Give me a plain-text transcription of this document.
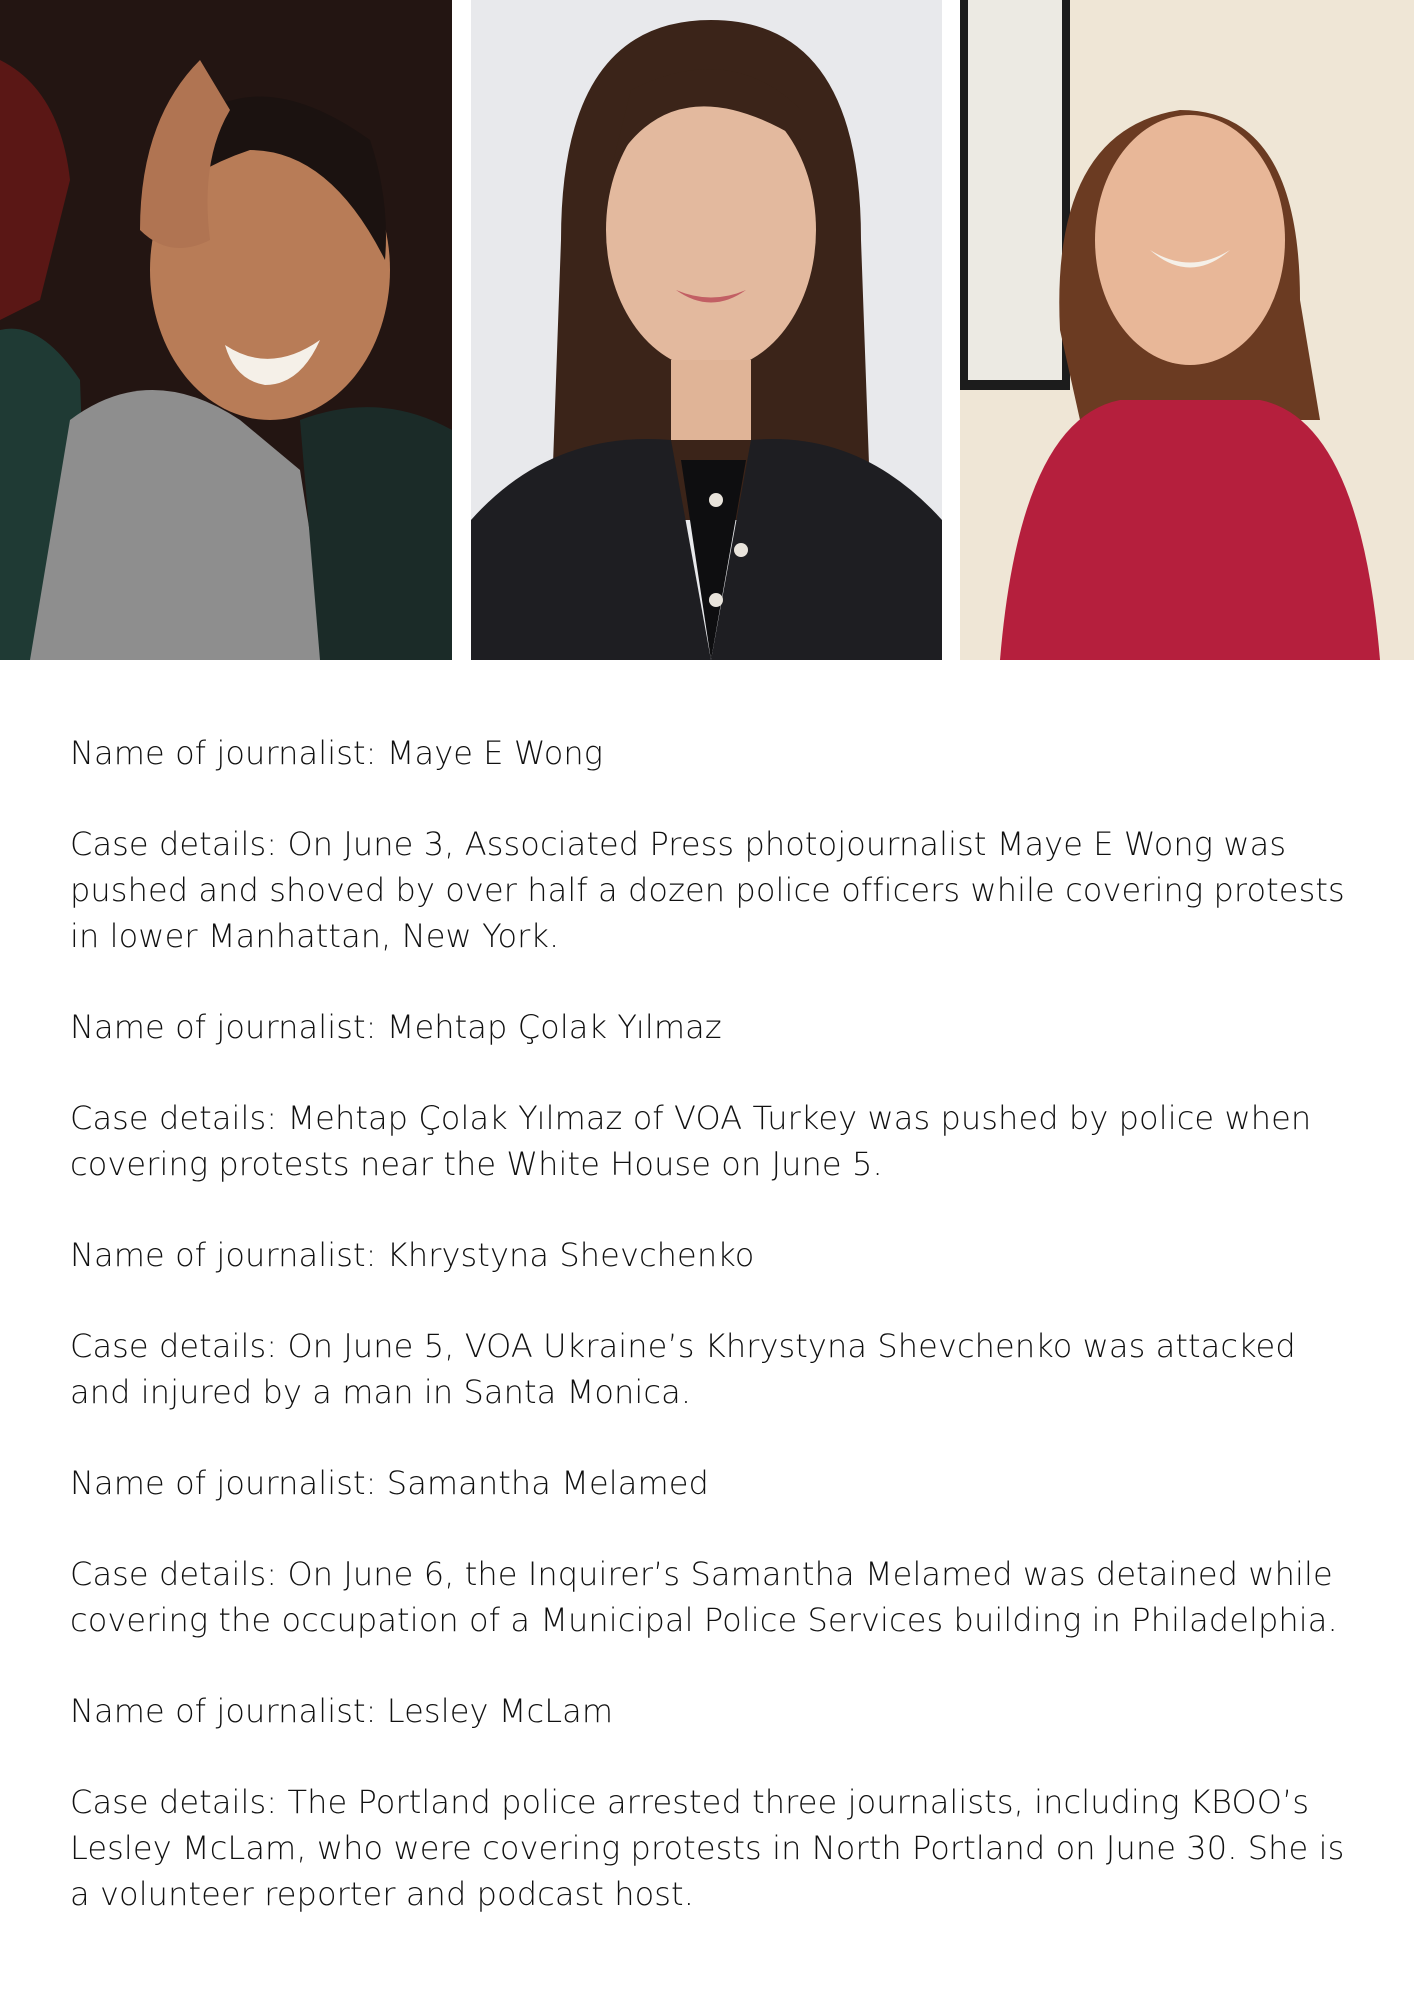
Name of journalist: Maye E Wong

Case details: On June 3, Associated Press photojournalist Maye E Wong was pushed and shoved by over half a dozen police officers while covering protests in lower Manhattan, New York.

Name of journalist: Mehtap Çolak Yılmaz

Case details: Mehtap Çolak Yılmaz of VOA Turkey was pushed by police when covering protests near the White House on June 5.

Name of journalist: Khrystyna Shevchenko

Case details: On June 5, VOA Ukraine’s Khrystyna Shevchenko was attacked and injured by a man in Santa Monica.

Name of journalist: Samantha Melamed

Case details: On June 6, the Inquirer’s Samantha Melamed was detained while covering the occupation of a Municipal Police Services building in Philadelphia.

Name of journalist: Lesley McLam

Case details: The Portland police arrested three journalists, including KBOO’s Lesley McLam, who were covering protests in North Portland on June 30. She is a volunteer reporter and podcast host.
